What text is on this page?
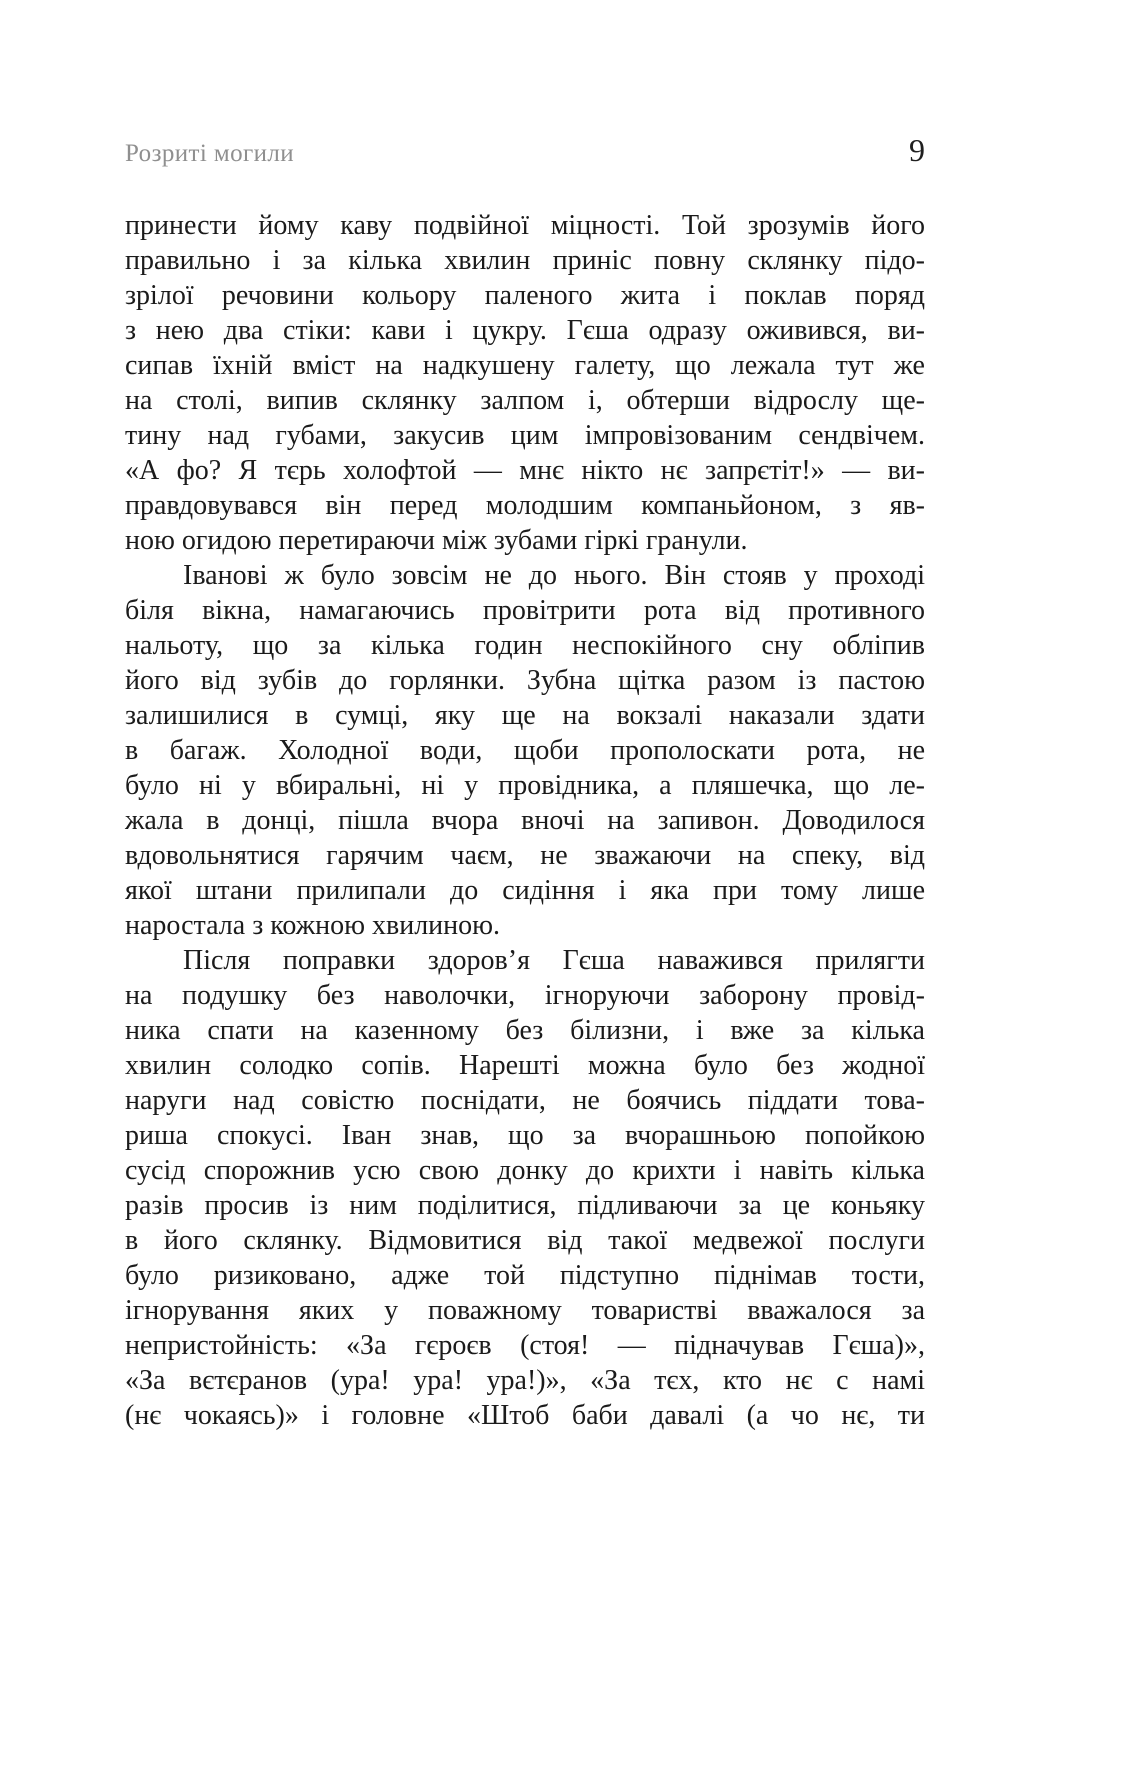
Розриті могили	9
принести йому каву подвійної міцності. Той зрозумів його
правильно і за кілька хвилин приніс повну склянку підо-
зрілої речовини кольору паленого жита і поклав поряд
з нею два стіки: кави і цукру. Гєша одразу оживився, ви-
сипав їхній вміст на надкушену галету, що лежала тут же
на столі, випив склянку залпом і, обтерши відрослу ще-
тину над губами, закусив цим імпровізованим сендвічем.
«А фо? Я тєрь холофтой — мнє нікто нє запрєтіт!» — ви-
правдовувався він перед молодшим компаньйоном, з яв-
ною огидою перетираючи між зубами гіркі гранули.
Іванові ж було зовсім не до нього. Він стояв у проході
біля вікна, намагаючись провітрити рота від противного
нальоту, що за кілька годин неспокійного сну обліпив
його від зубів до горлянки. Зубна щітка разом із пастою
залишилися в сумці, яку ще на вокзалі наказали здати
в багаж. Холодної води, щоби прополоскати рота, не
було ні у вбиральні, ні у провідника, а пляшечка, що ле-
жала в донці, пішла вчора вночі на запивон. Доводилося
вдовольнятися гарячим чаєм, не зважаючи на спеку, від
якої штани прилипали до сидіння і яка при тому лише
наростала з кожною хвилиною.
Після поправки здоров’я Гєша наважився прилягти
на подушку без наволочки, ігноруючи заборону провід-
ника спати на казенному без білизни, і вже за кілька
хвилин солодко сопів. Нарешті можна було без жодної
наруги над совістю поснідати, не боячись піддати това-
риша спокусі. Іван знав, що за вчорашньою попойкою
сусід спорожнив усю свою донку до крихти і навіть кілька
разів просив із ним поділитися, підливаючи за це коньяку
в його склянку. Відмовитися від такої медвежої послуги
було ризиковано, адже той підступно піднімав тости,
ігнорування яких у поважному товаристві вважалося за
непристойність: «За гєроєв (стоя! — підначував Гєша)»,
«За вєтєранов (ура! ура! ура!)», «За тєх, кто нє с намі
(нє чокаясь)» і головне «Штоб баби давалі (а чо нє, ти
